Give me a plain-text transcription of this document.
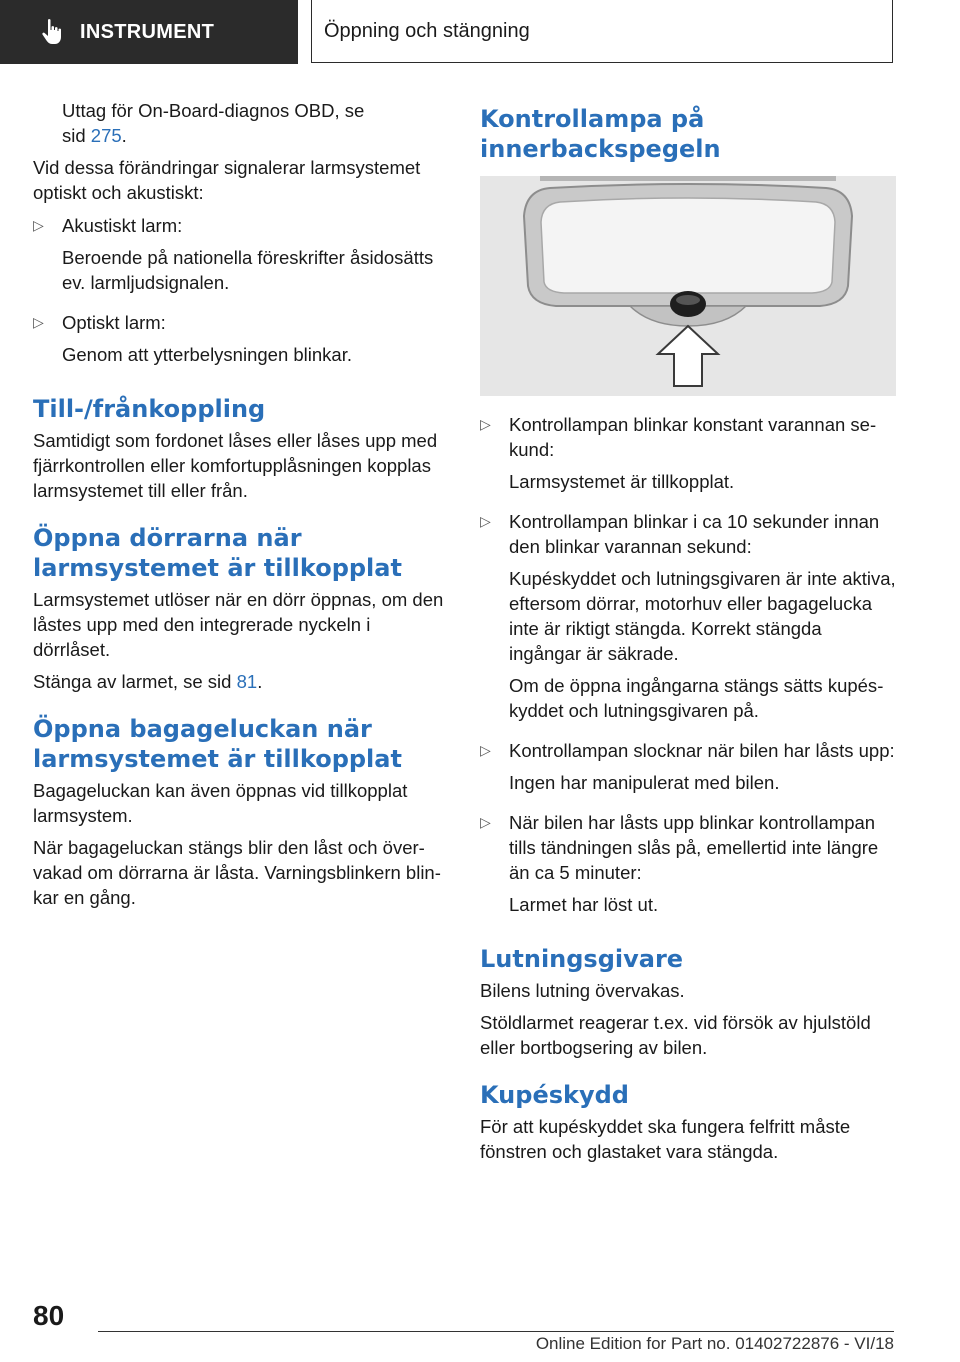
INSTRUMENT	Öppning och stängning

Uttag för On-Board-diagnos OBD, se
sid 275.

Vid dessa förändringar signalerar larmsystemet optiskt och akustiskt:

▷ Akustiskt larm:

Beroende på nationella föreskrifter åsidosätts ev. larmljudsignalen.

▷ Optiskt larm:

Genom att ytterbelysningen blinkar.

Till-/frånkoppling

Samtidigt som fordonet låses eller låses upp med fjärrkontrollen eller komfortupplåsningen kopplas larmsystemet till eller från.

Öppna dörrarna när larmsystemet är tillkopplat

Larmsystemet utlöser när en dörr öppnas, om den låstes upp med den integrerade nyckeln i dörrlåset.

Stänga av larmet, se sid 81.

Öppna bagageluckan när larmsystemet är tillkopplat

Bagageluckan kan även öppnas vid tillkopplat larmsystem.

När bagageluckan stängs blir den låst och övervakad om dörrarna är låsta. Varningsblinkern blinkar en gång.

Kontrollampa på innerbackspegeln
▷ Kontrollampan blinkar konstant varannan sekund:

Larmsystemet är tillkopplat.

▷ Kontrollampan blinkar i ca 10 sekunder innan den blinkar varannan sekund:

Kupéskyddet och lutningsgivaren är inte aktiva, eftersom dörrar, motorhuv eller bagagelucka inte är riktigt stängda. Korrekt stängda ingångar är säkrade.

Om de öppna ingångarna stängs sätts kupéskyddet och lutningsgivaren på.

▷ Kontrollampan slocknar när bilen har låsts upp:

Ingen har manipulerat med bilen.

▷ När bilen har låsts upp blinkar kontrollampan tills tändningen slås på, emellertid inte längre än ca 5 minuter:

Larmet har löst ut.

Lutningsgivare

Bilens lutning övervakas.

Stöldlarmet reagerar t.ex. vid försök av hjulstöld eller bortbogsering av bilen.

Kupéskydd

För att kupéskyddet ska fungera felfritt måste fönstren och glastaket vara stängda.

80
Online Edition for Part no. 01402722876 - VI/18
